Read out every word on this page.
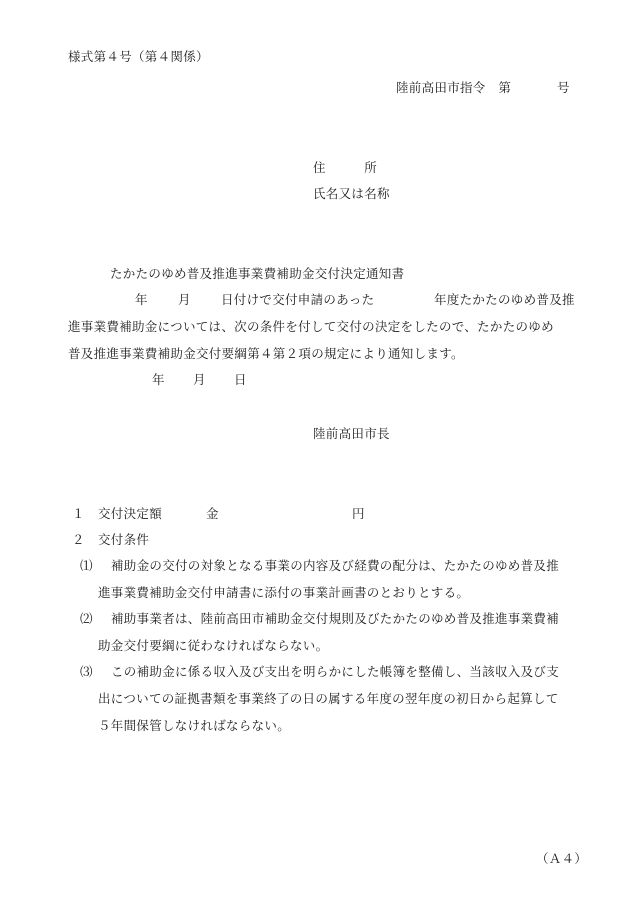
様式第４号（第４関係）
陸前高田市指令　第	号
住　　　所
氏名又は名称
たかたのゆめ普及推進事業費補助金交付決定通知書
年 月 日付けで交付申請のあった	年度たかたのゆめ普及推
進事業費補助金については、次の条件を付して交付の決定をしたので、たかたのゆめ
普及推進事業費補助金交付要綱第４第２項の規定により通知します。
年 月 日
陸前高田市長
１ 交付決定額	金	円
２ 交付条件
⑴ 補助金の交付の対象となる事業の内容及び経費の配分は、たかたのゆめ普及推
進事業費補助金交付申請書に添付の事業計画書のとおりとする。
⑵ 補助事業者は、陸前高田市補助金交付規則及びたかたのゆめ普及推進事業費補
助金交付要綱に従わなければならない。
⑶ この補助金に係る収入及び支出を明らかにした帳簿を整備し、当該収入及び支
出についての証拠書類を事業終了の日の属する年度の翌年度の初日から起算して
５年間保管しなければならない。
（Ａ４）
